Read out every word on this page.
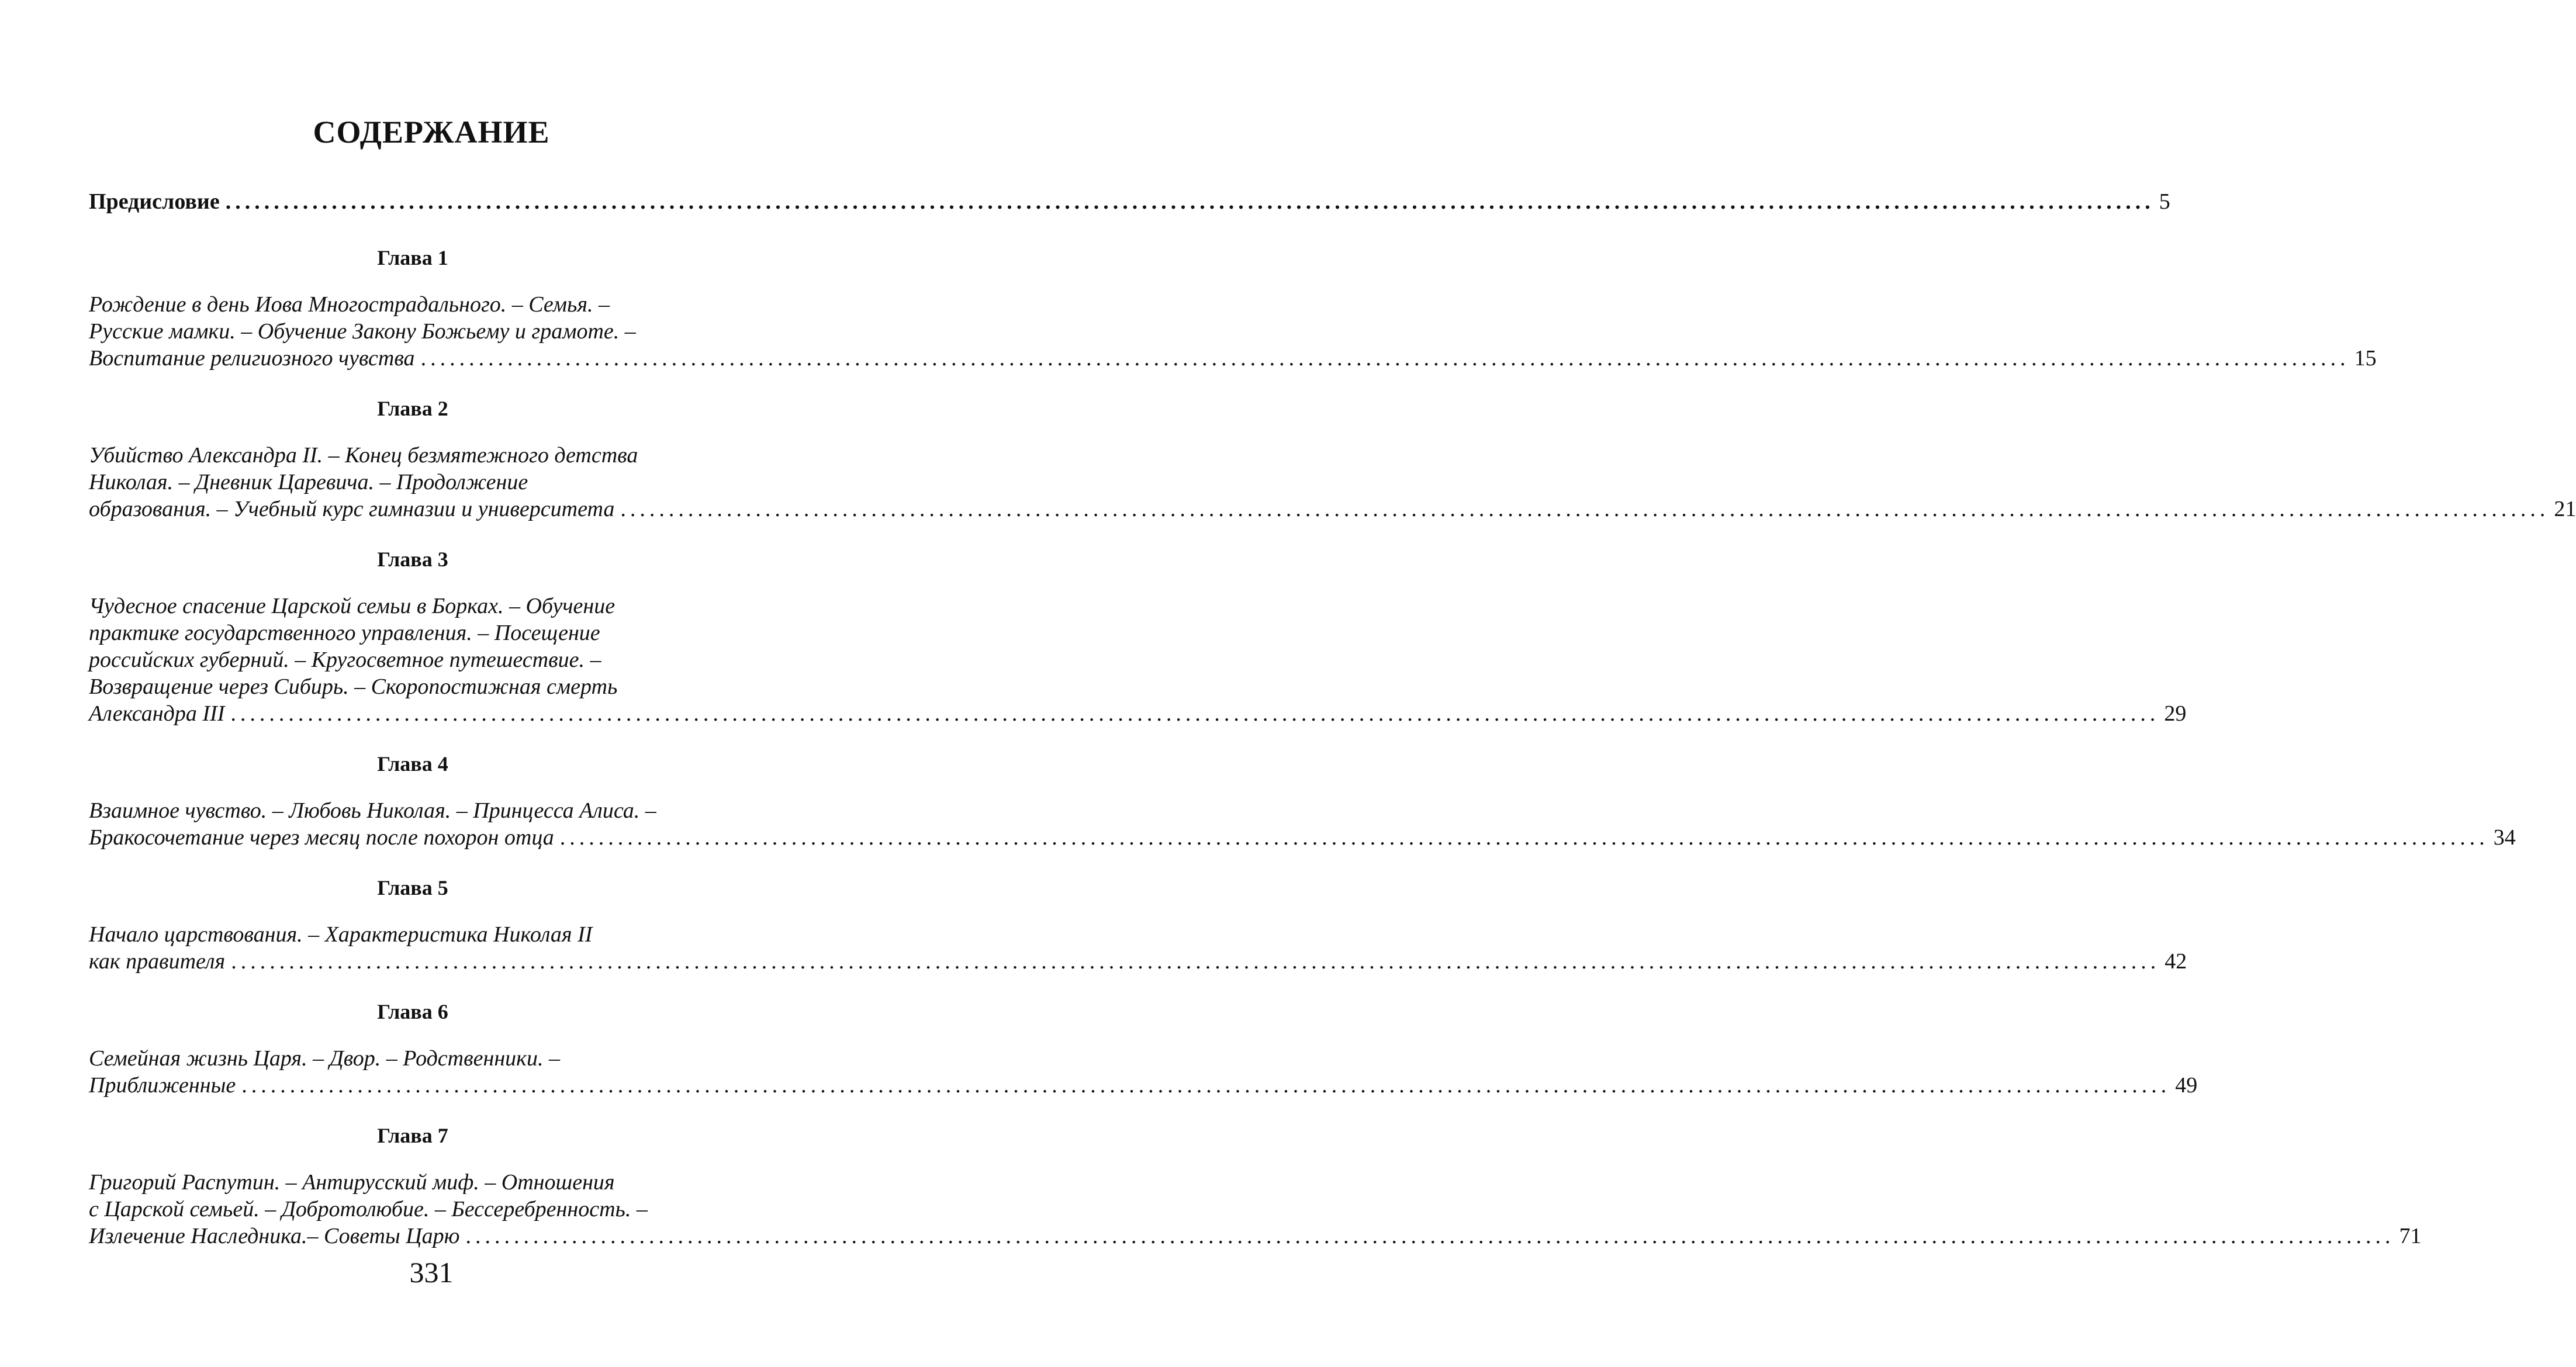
СОДЕРЖАНИЕ
Предисловие ........................................................................................................................................................................................................ 5
Глава 1
Рождение в день Иова Многострадального. – Семья. –
Русские мамки. – Обучение Закону Божьему и грамоте. –
Воспитание религиозного чувства ........................................................................................................................................................................................................ 15
Глава 2
Убийство Александра II. – Конец безмятежного детства
Николая. – Дневник Царевича. – Продолжение
образования. – Учебный курс гимназии и университета ........................................................................................................................................................................................................ 21
Глава 3
Чудесное спасение Царской семьи в Борках. – Обучение
практике государственного управления. – Посещение
российских губерний. – Кругосветное путешествие. –
Возвращение через Сибирь. – Скоропостижная смерть
Александра III ........................................................................................................................................................................................................ 29
Глава 4
Взаимное чувство. – Любовь Николая. – Принцесса Алиса. –
Бракосочетание через месяц после похорон отца ........................................................................................................................................................................................................ 34
Глава 5
Начало царствования. – Характеристика Николая II
как правителя ........................................................................................................................................................................................................ 42
Глава 6
Семейная жизнь Царя. – Двор. – Родственники. –
Приближенные ........................................................................................................................................................................................................ 49
Глава 7
Григорий Распутин. – Антирусский миф. – Отношения
с Царской семьей. – Добротолюбие. – Бессеребренность. –
Излечение Наследника.– Советы Царю ........................................................................................................................................................................................................ 71
331
